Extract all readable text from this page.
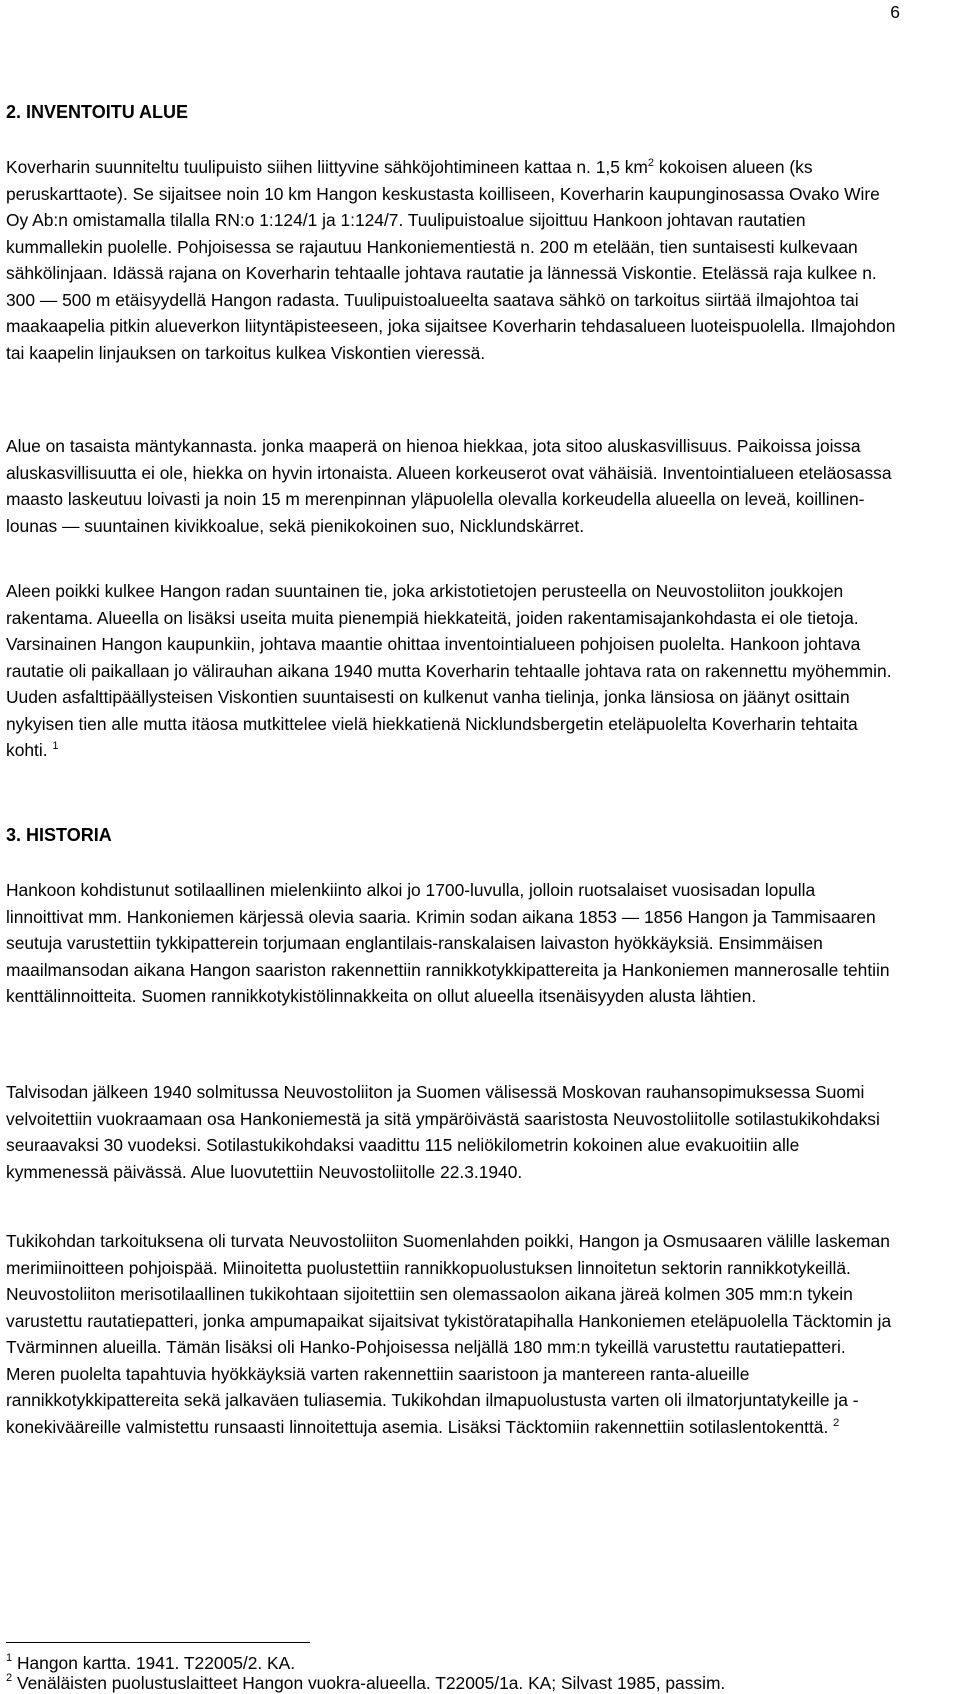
6
2. INVENTOITU ALUE

Koverharin suunniteltu tuulipuisto siihen liittyvine sähköjohtimineen kattaa n. 1,5 $km^2$ kokoisen alueen (ks peruskarttaote). Se sijaitsee noin 10 km Hangon keskustasta koilliseen, Koverharin kaupunginosassa Ovako Wire Oy Ab:n omistamalla tilalla RN:o 1:124/1 ja 1:124/7. Tuulipuistoalue sijoittuu Hankoon johtavan rautatien kummallekin puolelle. Pohjoisessa se rajautuu Hankoniementiestä n. 200 m etelään, tien suntaisesti kulkevaan sähkölinjaan. Idässä rajana on Koverharin tehtaalle johtava rautatie ja lännessä Viskontie. Etelässä raja kulkee n. 300 — 500 m etäisyydellä Hangon radasta. Tuulipuistoalueelta saatava sähkö on tarkoitus siirtää ilmajohtoa tai maakaapelia pitkin alueverkon liityntäpisteeseen, joka sijaitsee Koverharin tehdasalueen luoteispuolella. Ilmajohdon tai kaapelin linjauksen on tarkoitus kulkea Viskontien vieressä.

Alue on tasaista mäntykannasta. jonka maaperä on hienoa hiekkaa, jota sitoo aluskasvillisuus. Paikoissa joissa aluskasvillisuutta ei ole, hiekka on hyvin irtonaista. Alueen korkeuserot ovat vähäisiä. Inventointialueen eteläosassa maasto laskeutuu loivasti ja noin 15 m merenpinnan yläpuolella olevalla korkeudella alueella on leveä, koillinen-lounas — suuntainen kivikkoalue, sekä pienikokoinen suo, Nicklundskärret.

Aleen poikki kulkee Hangon radan suuntainen tie, joka arkistotietojen perusteella on Neuvostoliiton joukkojen rakentama. Alueella on lisäksi useita muita pienempiä hiekkateitä, joiden rakentamisajankohdasta ei ole tietoja. Varsinainen Hangon kaupunkiin, johtava maantie ohittaa inventointialueen pohjoisen puolelta. Hankoon johtava rautatie oli paikallaan jo välirauhan aikana 1940 mutta Koverharin tehtaalle johtava rata on rakennettu myöhemmin. Uuden asfalttipäällysteisen Viskontien suuntaisesti on kulkenut vanha tielinja, jonka länsiosa on jäänyt osittain nykyisen tien alle mutta itäosa mutkittelee vielä hiekkatienä Nicklundsbergetin eteläpuolelta Koverharin tehtaita kohti. $^1$

3. HISTORIA

Hankoon kohdistunut sotilaallinen mielenkiinto alkoi jo 1700-luvulla, jolloin ruotsalaiset vuosisadan lopulla linnoittivat mm. Hankoniemen kärjessä olevia saaria. Krimin sodan aikana 1853 — 1856 Hangon ja Tammisaaren seutuja varustettiin tykkipatterein torjumaan englantilais-ranskalaisen laivaston hyökkäyksiä. Ensimmäisen maailmansodan aikana Hangon saariston rakennettiin rannikkotykkipattereita ja Hankoniemen mannerosalle tehtiin kenttälinnoitteita. Suomen rannikkotykistölinnakkeita on ollut alueella itsenäisyyden alusta lähtien.

Talvisodan jälkeen 1940 solmitussa Neuvostoliiton ja Suomen välisessä Moskovan rauhansopimuksessa Suomi velvoitettiin vuokraamaan osa Hankoniemestä ja sitä ympäröivästä saaristosta Neuvostoliitolle sotilastukikohdaksi seuraavaksi 30 vuodeksi. Sotilastukikohdaksi vaadittu 115 neliökilometrin kokoinen alue evakuoitiin alle kymmenessä päivässä. Alue luovutettiin Neuvostoliitolle 22.3.1940.

Tukikohdan tarkoituksena oli turvata Neuvostoliiton Suomenlahden poikki, Hangon ja Osmusaaren välille laskeman merimiinoitteen pohjoispää. Miinoitetta puolustettiin rannikkopuolustuksen linnoitetun sektorin rannikkotykeillä. Neuvostoliiton merisotilaallinen tukikohtaan sijoitettiin sen olemassaolon aikana järeä kolmen 305 mm:n tykein varustettu rautatiepatteri, jonka ampumapaikat sijaitsivat tykistöratapihalla Hankoniemen eteläpuolella Täcktomin ja Tvärminnen alueilla. Tämän lisäksi oli Hanko-Pohjoisessa neljällä 180 mm:n tykeillä varustettu rautatiepatteri. Meren puolelta tapahtuvia hyökkäyksiä varten rakennettiin saaristoon ja mantereen ranta-alueille rannikkotykkipattereita sekä jalkaväen tuliasemia. Tukikohdan ilmapuolustusta varten oli ilmatorjuntatykeille ja -konekivääreille valmistettu runsaasti linnoitettuja asemia. Lisäksi Täcktomiin rakennettiin sotilaslentokenttä. $^2$

$^1$ Hangon kartta. 1941. T22005/2. KA.
$^2$ Venäläisten puolustuslaitteet Hangon vuokra-alueella. T22005/1a. KA; Silvast 1985, passim.
